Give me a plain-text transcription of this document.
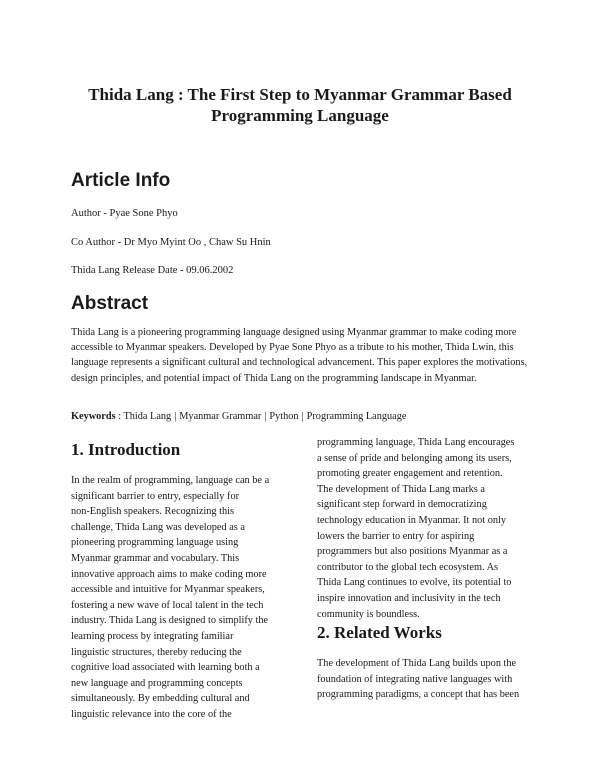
Thida Lang : The First Step to Myanmar Grammar Based
Programming Language
Article Info

Author - Pyae Sone Phyo

Co Author - Dr Myo Myint Oo , Chaw Su Hnin

Thida Lang Release Date - 09.06.2002

Abstract

Thida Lang is a pioneering programming language designed using Myanmar grammar to make coding more accessible to Myanmar speakers. Developed by Pyae Sone Phyo as a tribute to his mother, Thida Lwin, this language represents a significant cultural and technological advancement. This paper explores the motivations, design principles, and potential impact of Thida Lang on the programming landscape in Myanmar.

Keywords : Thida Lang | Myanmar Grammar | Python | Programming Language

1. Introduction
In the realm of programming, language can be a
significant barrier to entry, especially for
non-English speakers. Recognizing this
challenge, Thida Lang was developed as a
pioneering programming language using
Myanmar grammar and vocabulary. This
innovative approach aims to make coding more
accessible and intuitive for Myanmar speakers,
fostering a new wave of local talent in the tech
industry. Thida Lang is designed to simplify the
learning process by integrating familiar
linguistic structures, thereby reducing the
cognitive load associated with learning both a
new language and programming concepts
simultaneously. By embedding cultural and
linguistic relevance into the core of the
programming language, Thida Lang encourages
a sense of pride and belonging among its users,
promoting greater engagement and retention.
The development of Thida Lang marks a
significant step forward in democratizing
technology education in Myanmar. It not only
lowers the barrier to entry for aspiring
programmers but also positions Myanmar as a
contributor to the global tech ecosystem. As
Thida Lang continues to evolve, its potential to
inspire innovation and inclusivity in the tech
community is boundless.
2. Related Works
The development of Thida Lang builds upon the
foundation of integrating native languages with
programming paradigms, a concept that has been
